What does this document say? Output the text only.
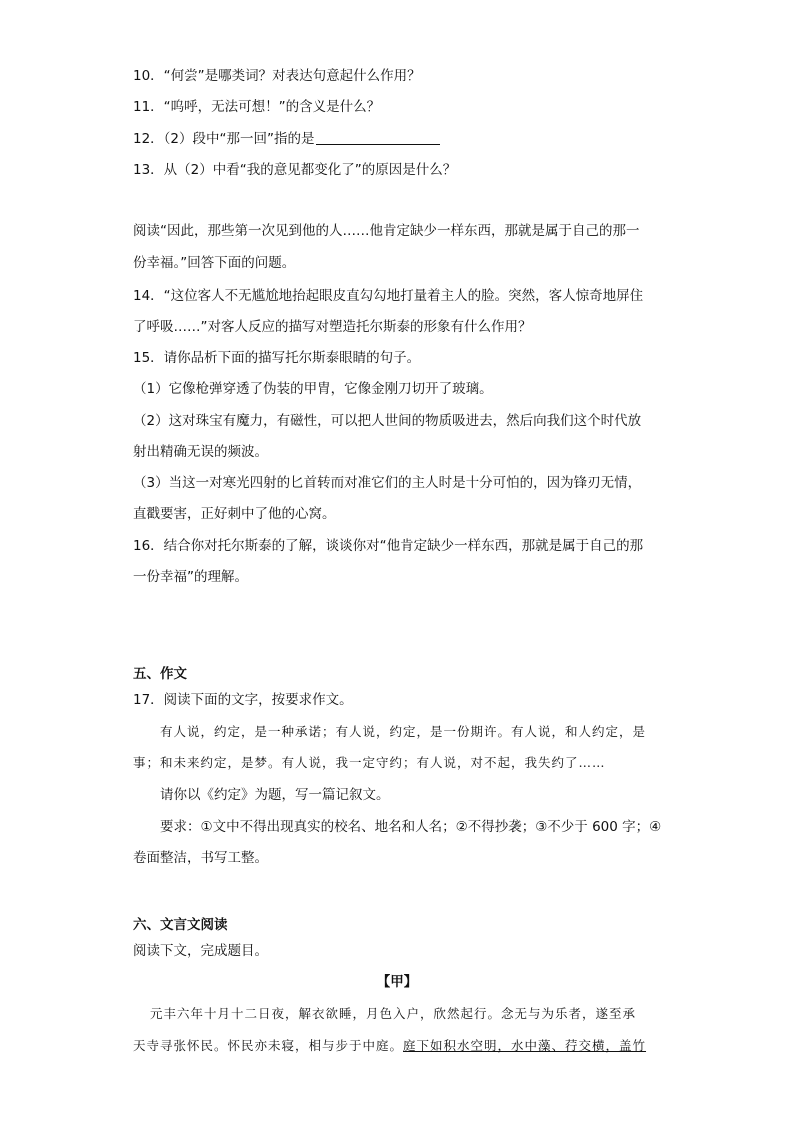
10．“何尝”是哪类词？对表达句意起什么作用？
11．“呜呼，无法可想！”的含义是什么？
12．（2）段中“那一回”指的是
13．从（2）中看“我的意见都变化了”的原因是什么？
阅读“因此，那些第一次见到他的人……他肯定缺少一样东西，那就是属于自己的那一
份幸福。”回答下面的问题。
14．“这位客人不无尴尬地抬起眼皮直勾勾地打量着主人的脸。突然，客人惊奇地屏住
了呼吸……”对客人反应的描写对塑造托尔斯泰的形象有什么作用？
15．请你品析下面的描写托尔斯泰眼睛的句子。
（1）它像枪弹穿透了伪装的甲胄，它像金刚刀切开了玻璃。
（2）这对珠宝有魔力，有磁性，可以把人世间的物质吸进去，然后向我们这个时代放
射出精确无误的频波。
（3）当这一对寒光四射的匕首转而对准它们的主人时是十分可怕的，因为锋刃无情，
直戳要害，正好刺中了他的心窝。
16．结合你对托尔斯泰的了解，谈谈你对“他肯定缺少一样东西，那就是属于自己的那
一份幸福”的理解。
五、作文
17．阅读下面的文字，按要求作文。
有人说，约定，是一种承诺；有人说，约定，是一份期许。有人说，和人约定，是
事；和未来约定，是梦。有人说，我一定守约；有人说，对不起，我失约了……
请你以《约定》为题，写一篇记叙文。
要求：①文中不得出现真实的校名、地名和人名；②不得抄袭；③不少于 600 字；④
卷面整洁，书写工整。
六、文言文阅读
阅读下文，完成题目。
【甲】
元丰六年十月十二日夜，解衣欲睡，月色入户，欣然起行。念无与为乐者，遂至承
天寺寻张怀民。怀民亦未寝，相与步于中庭。庭下如积水空明，水中藻、荇交横，盖竹
